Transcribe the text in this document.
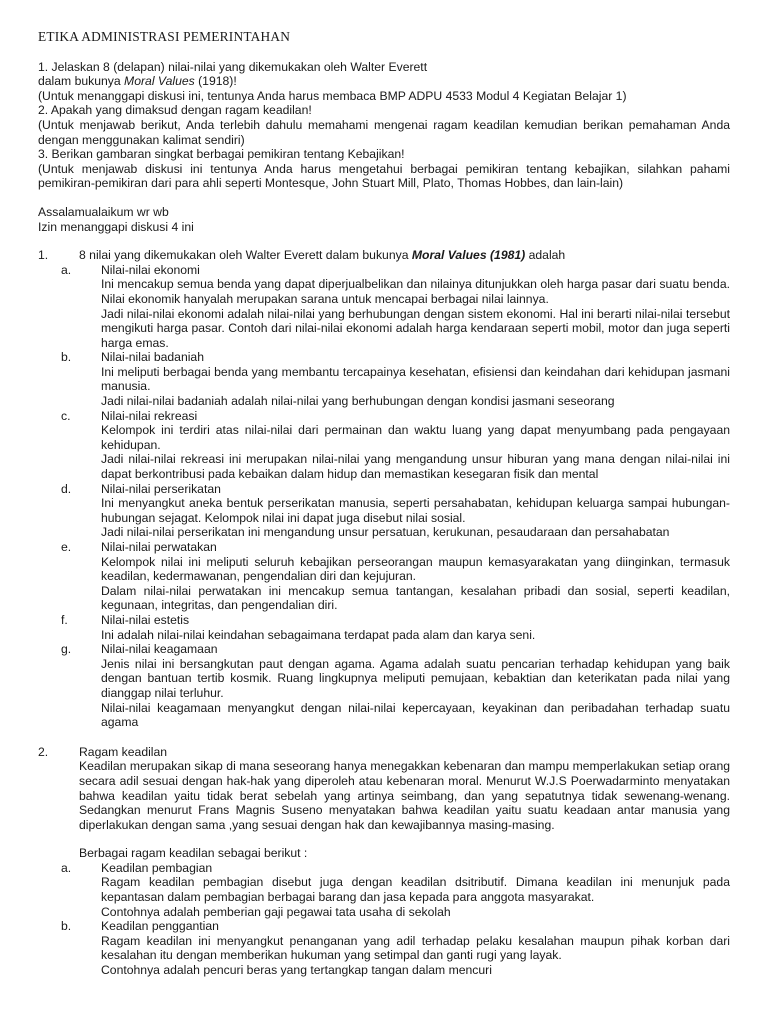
ETIKA ADMINISTRASI PEMERINTAHAN

1. Jelaskan 8 (delapan) nilai-nilai yang dikemukakan oleh Walter Everett

dalam bukunya Moral Values (1918)!

(Untuk menanggapi diskusi ini, tentunya Anda harus membaca BMP ADPU 4533 Modul 4 Kegiatan Belajar 1)

2. Apakah yang dimaksud dengan ragam keadilan!

(Untuk menjawab berikut, Anda terlebih dahulu memahami mengenai ragam keadilan kemudian berikan pemahaman Anda dengan menggunakan kalimat sendiri)

3. Berikan gambaran singkat berbagai pemikiran tentang Kebajikan!

(Untuk menjawab diskusi ini tentunya Anda harus mengetahui berbagai pemikiran tentang kebajikan, silahkan pahami pemikiran-pemikiran dari para ahli seperti Montesque, John Stuart Mill, Plato, Thomas Hobbes, dan lain-lain)

Assalamualaikum wr wb

Izin menanggapi diskusi 4 ini

1.	8 nilai yang dikemukakan oleh Walter Everett dalam bukunya Moral Values (1981) adalah

a. Nilai-nilai ekonomi

Ini mencakup semua benda yang dapat diperjualbelikan dan nilainya ditunjukkan oleh harga pasar dari suatu benda. Nilai ekonomik hanyalah merupakan sarana untuk mencapai berbagai nilai lainnya.

Jadi nilai-nilai ekonomi adalah nilai-nilai yang berhubungan dengan sistem ekonomi. Hal ini berarti nilai-nilai tersebut mengikuti harga pasar. Contoh dari nilai-nilai ekonomi adalah harga kendaraan seperti mobil, motor dan juga seperti harga emas.

b. Nilai-nilai badaniah

Ini meliputi berbagai benda yang membantu tercapainya kesehatan, efisiensi dan keindahan dari kehidupan jasmani manusia.

Jadi nilai-nilai badaniah adalah nilai-nilai yang berhubungan dengan kondisi jasmani seseorang

c.	Nilai-nilai rekreasi

Kelompok ini terdiri atas nilai-nilai dari permainan dan waktu luang yang dapat menyumbang pada pengayaan kehidupan.

Jadi nilai-nilai rekreasi ini merupakan nilai-nilai yang mengandung unsur hiburan yang mana dengan nilai-nilai ini dapat berkontribusi pada kebaikan dalam hidup dan memastikan kesegaran fisik dan mental

d. Nilai-nilai perserikatan

Ini menyangkut aneka bentuk perserikatan manusia, seperti persahabatan, kehidupan keluarga sampai hubungan-hubungan sejagat. Kelompok nilai ini dapat juga disebut nilai sosial.

Jadi nilai-nilai perserikatan ini mengandung unsur persatuan, kerukunan, pesaudaraan dan persahabatan

e. Nilai-nilai perwatakan

Kelompok nilai ini meliputi seluruh kebajikan perseorangan maupun kemasyarakatan yang diinginkan, termasuk keadilan, kedermawanan, pengendalian diri dan kejujuran.

Dalam nilai-nilai perwatakan ini mencakup semua tantangan, kesalahan pribadi dan sosial, seperti keadilan, kegunaan, integritas, dan pengendalian diri.

f.	Nilai-nilai estetis

Ini adalah nilai-nilai keindahan sebagaimana terdapat pada alam dan karya seni.

g. Nilai-nilai keagamaan

Jenis nilai ini bersangkutan paut dengan agama. Agama adalah suatu pencarian terhadap kehidupan yang baik dengan bantuan tertib kosmik. Ruang lingkupnya meliputi pemujaan, kebaktian dan keterikatan pada nilai yang dianggap nilai terluhur.

Nilai-nilai keagamaan menyangkut dengan nilai-nilai kepercayaan, keyakinan dan peribadahan terhadap suatu agama

2.	Ragam keadilan

Keadilan merupakan sikap di mana seseorang hanya menegakkan kebenaran dan mampu memperlakukan setiap orang secara adil sesuai dengan hak-hak yang diperoleh atau kebenaran moral. Menurut W.J.S Poerwadarminto menyatakan bahwa keadilan yaitu tidak berat sebelah yang artinya seimbang, dan yang sepatutnya tidak sewenang-wenang. Sedangkan menurut Frans Magnis Suseno menyatakan bahwa keadilan yaitu suatu keadaan antar manusia yang diperlakukan dengan sama ,yang sesuai dengan hak dan kewajibannya masing-masing.

Berbagai ragam keadilan sebagai berikut :

a. Keadilan pembagian

Ragam keadilan pembagian disebut juga dengan keadilan dsitributif. Dimana keadilan ini menunjuk pada kepantasan dalam pembagian berbagai barang dan jasa kepada para anggota masyarakat.

Contohnya adalah pemberian gaji pegawai tata usaha di sekolah

b. Keadilan penggantian

Ragam keadilan ini menyangkut penanganan yang adil terhadap pelaku kesalahan maupun pihak korban dari kesalahan itu dengan memberikan hukuman yang setimpal dan ganti rugi yang layak.

Contohnya adalah pencuri beras yang tertangkap tangan dalam mencuri
